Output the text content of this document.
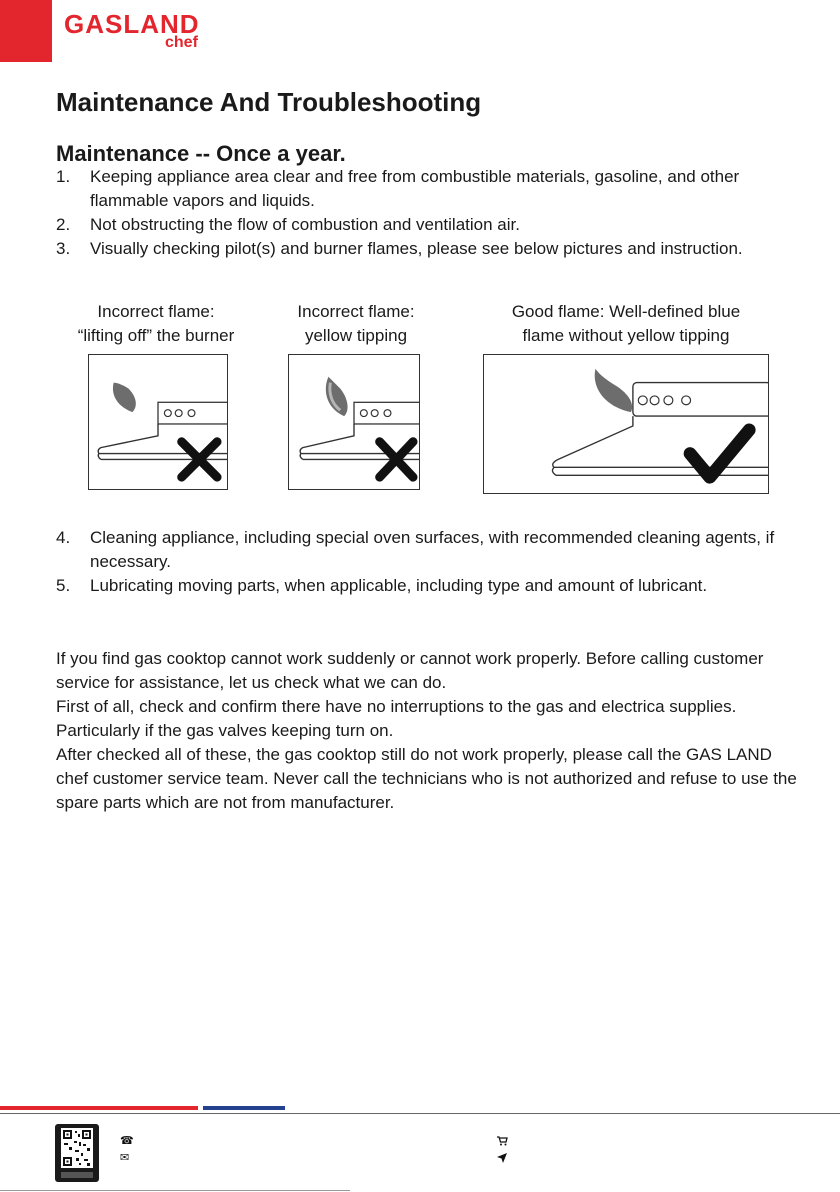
GASLAND
chef
Maintenance And Troubleshooting
Maintenance -- Once a year.
1. Keeping appliance area clear and free from combustible materials, gasoline, and other flammable vapors and liquids.
2. Not obstructing the flow of combustion and ventilation air.
3. Visually checking pilot(s) and burner flames, please see below pictures and instruction.
Incorrect flame:
“lifting off” the burner
Incorrect flame:
yellow tipping
Good flame: Well-defined blue
flame without yellow tipping
4. Cleaning appliance, including special oven surfaces, with recommended cleaning agents, if necessary.
5. Lubricating moving parts, when applicable, including type and amount of lubricant.

If you find gas cooktop cannot work suddenly or cannot work properly. Before calling customer service for assistance, let us check what we can do.

First of all, check and confirm there have no interruptions to the gas and electrica supplies. Particularly if the gas valves keeping turn on.

After checked all of these, the gas cooktop still do not work properly, please call the GAS LAND chef customer service team. Never call the technicians who is not authorized and refuse to use the spare parts which are not from manufacturer.

☎
✉
